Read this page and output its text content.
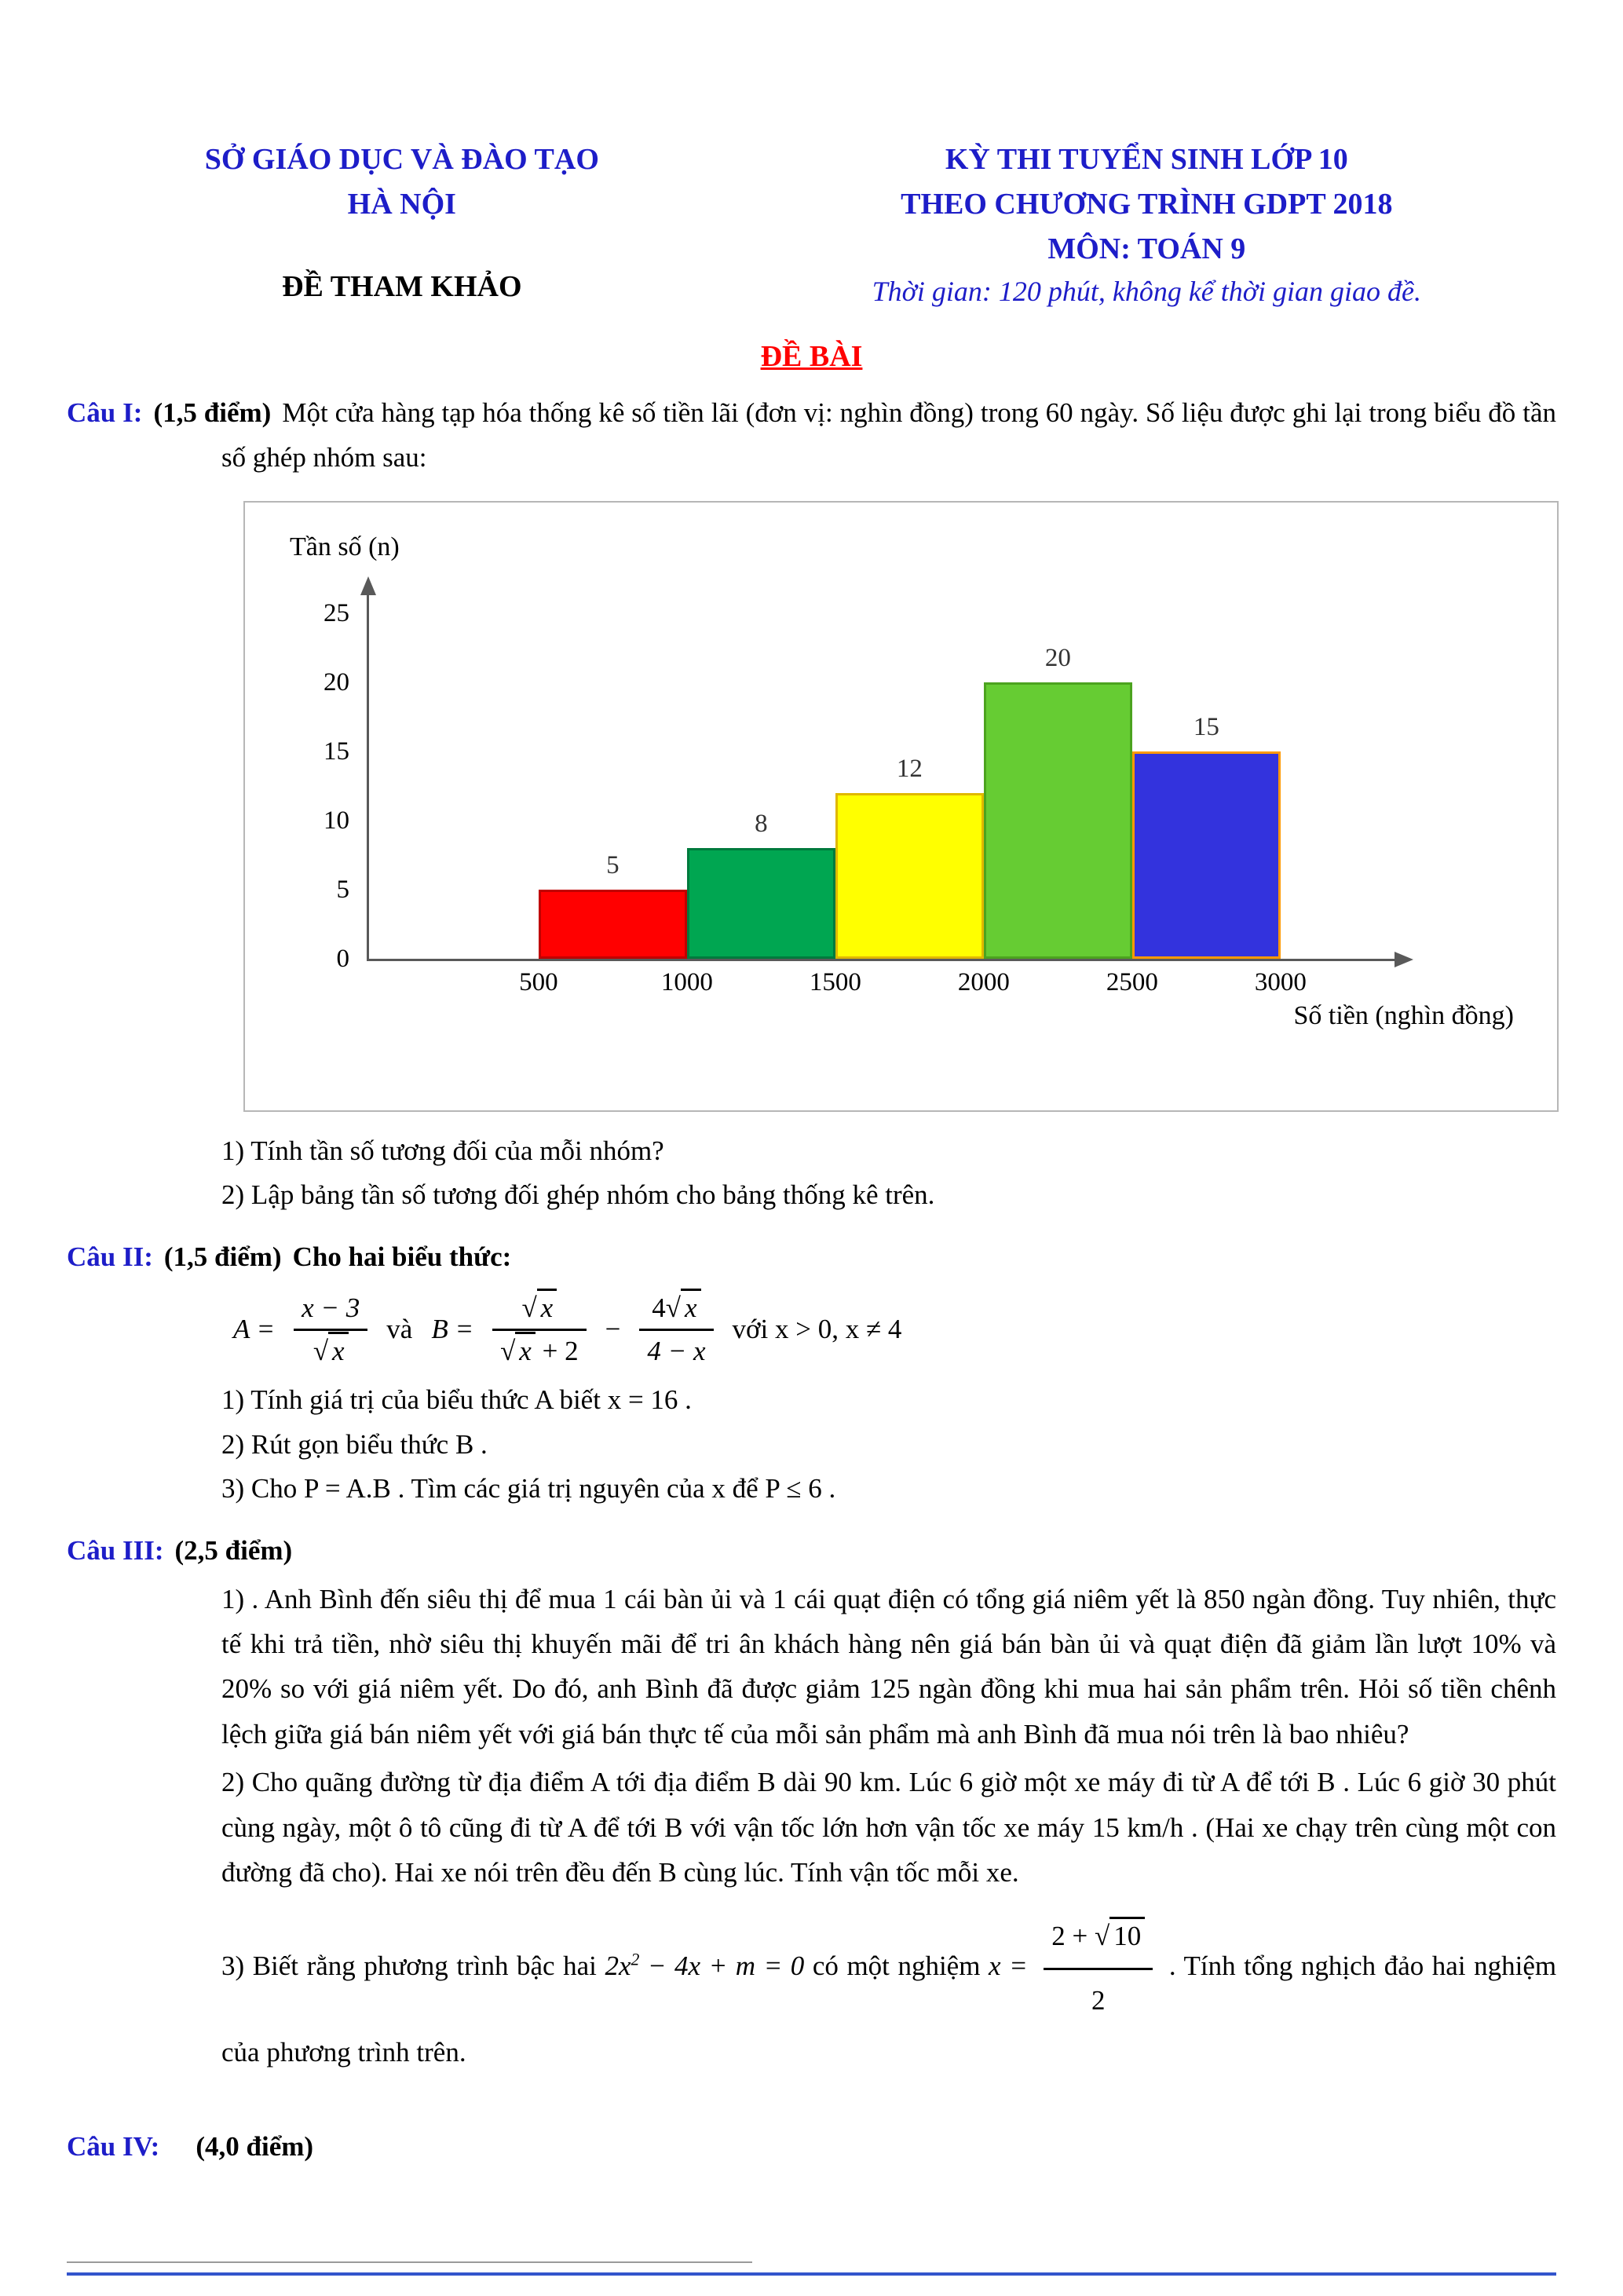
SỞ GIÁO DỤC VÀ ĐÀO TẠO
HÀ NỘI
ĐỀ THAM KHẢO
KỲ THI TUYỂN SINH LỚP 10
THEO CHƯƠNG TRÌNH GDPT 2018
MÔN: TOÁN 9
Thời gian: 120 phút, không kể thời gian giao đề.
ĐỀ BÀI

Câu I: (1,5 điểm) Một cửa hàng tạp hóa thống kê số tiền lãi (đơn vị: nghìn đồng) trong 60 ngày. Số liệu được ghi lại trong biểu đồ tần số ghép nhóm sau:

Tần số (n)
Số tiền (nghìn đồng)
5
8
12
20
15
0
5
10
15
20
25
500	1000	1500	2000	2500	3000

1) Tính tần số tương đối của mỗi nhóm?

2) Lập bảng tần số tương đối ghép nhóm cho bảng thống kê trên.

Câu II: (1,5 điểm) Cho hai biểu thức:

$A = \frac{x - 3}{√ x}$ và $B = \frac{√ x}{√ x + 2} - \frac{4√ x}{4 - x}$ với x > 0, x ≠ 4

1) Tính giá trị của biểu thức A biết x = 16 .

2) Rút gọn biểu thức B .

3) Cho P = A.B . Tìm các giá trị nguyên của x để P ≤ 6 .

Câu III: (2,5 điểm)

1) . Anh Bình đến siêu thị để mua 1 cái bàn ủi và 1 cái quạt điện có tổng giá niêm yết là 850 ngàn đồng. Tuy nhiên, thực tế khi trả tiền, nhờ siêu thị khuyến mãi để tri ân khách hàng nên giá bán bàn ủi và quạt điện đã giảm lần lượt 10% và 20% so với giá niêm yết. Do đó, anh Bình đã được giảm 125 ngàn đồng khi mua hai sản phẩm trên. Hỏi số tiền chênh lệch giữa giá bán niêm yết với giá bán thực tế của mỗi sản phẩm mà anh Bình đã mua nói trên là bao nhiêu?

2) Cho quãng đường từ địa điểm A tới địa điểm B dài 90 km. Lúc 6 giờ một xe máy đi từ A để tới B . Lúc 6 giờ 30 phút cùng ngày, một ô tô cũng đi từ A để tới B với vận tốc lớn hơn vận tốc xe máy 15 km/h . (Hai xe chạy trên cùng một con đường đã cho). Hai xe nói trên đều đến B cùng lúc. Tính vận tốc mỗi xe.

3) Biết rằng phương trình bậc hai $2x^2 - 4x + m = 0$ có một nghiệm $x = \frac{2 + √ 10}{2}$ . Tính tổng nghịch đảo hai nghiệm của phương trình trên.

Câu IV: (4,0 điểm)
